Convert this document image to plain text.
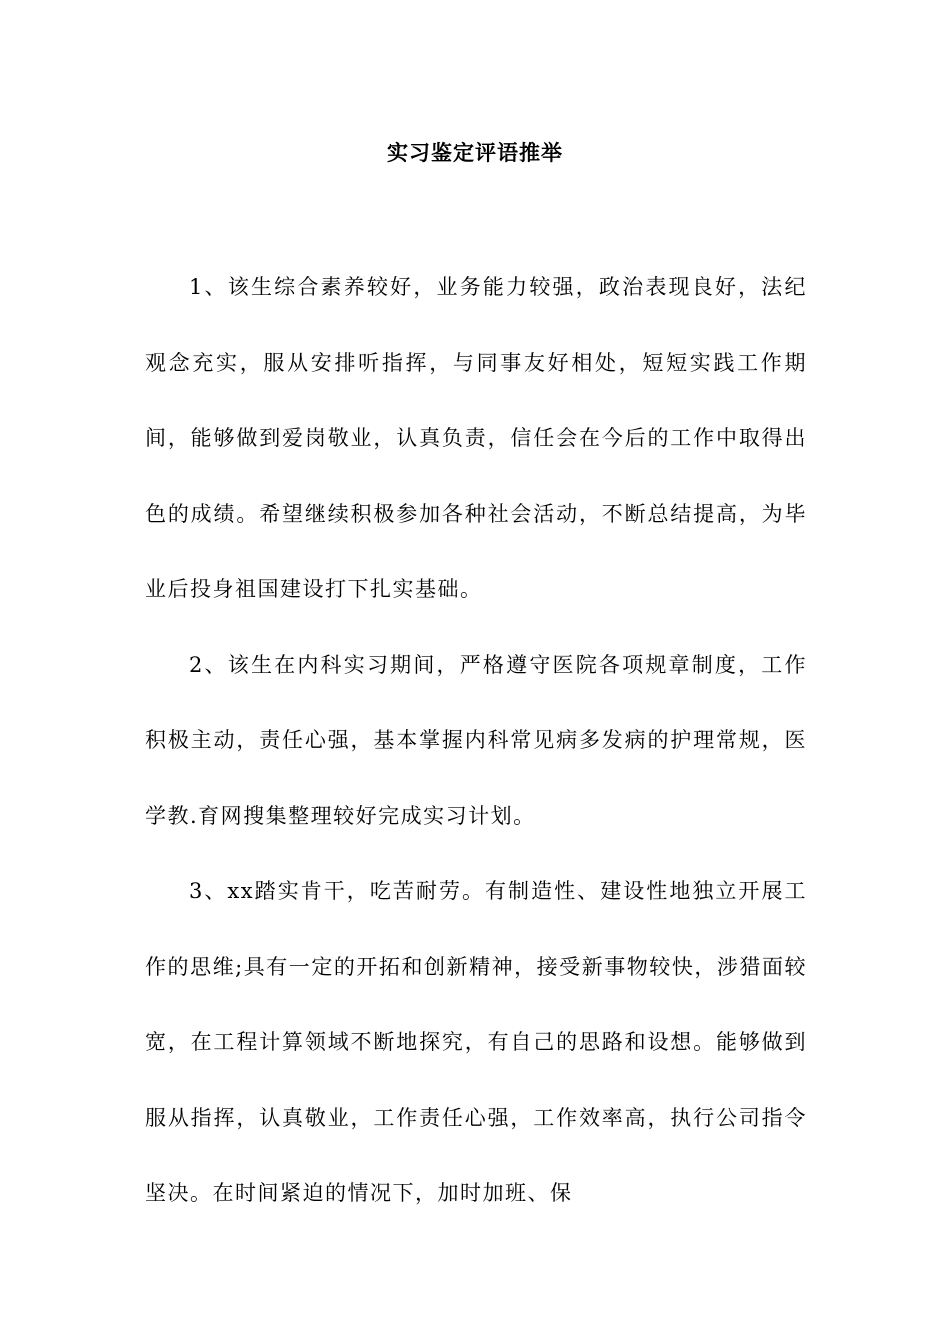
实习鉴定评语推举

1、该生综合素养较好，业务能力较强，政治表现良好，法纪观念充实，服从安排听指挥，与同事友好相处，短短实践工作期间，能够做到爱岗敬业，认真负责，信任会在今后的工作中取得出色的成绩。希望继续积极参加各种社会活动，不断总结提高，为毕业后投身祖国建设打下扎实基础。

2、该生在内科实习期间，严格遵守医院各项规章制度，工作积极主动，责任心强，基本掌握内科常见病多发病的护理常规，医学教.育网搜集整理较好完成实习计划。

3、xx踏实肯干，吃苦耐劳。有制造性、建设性地独立开展工作的思维;具有一定的开拓和创新精神，接受新事物较快，涉猎面较宽，在工程计算领域不断地探究，有自己的思路和设想。能够做到服从指挥，认真敬业，工作责任心强，工作效率高，执行公司指令坚决。在时间紧迫的情况下，加时加班、保
